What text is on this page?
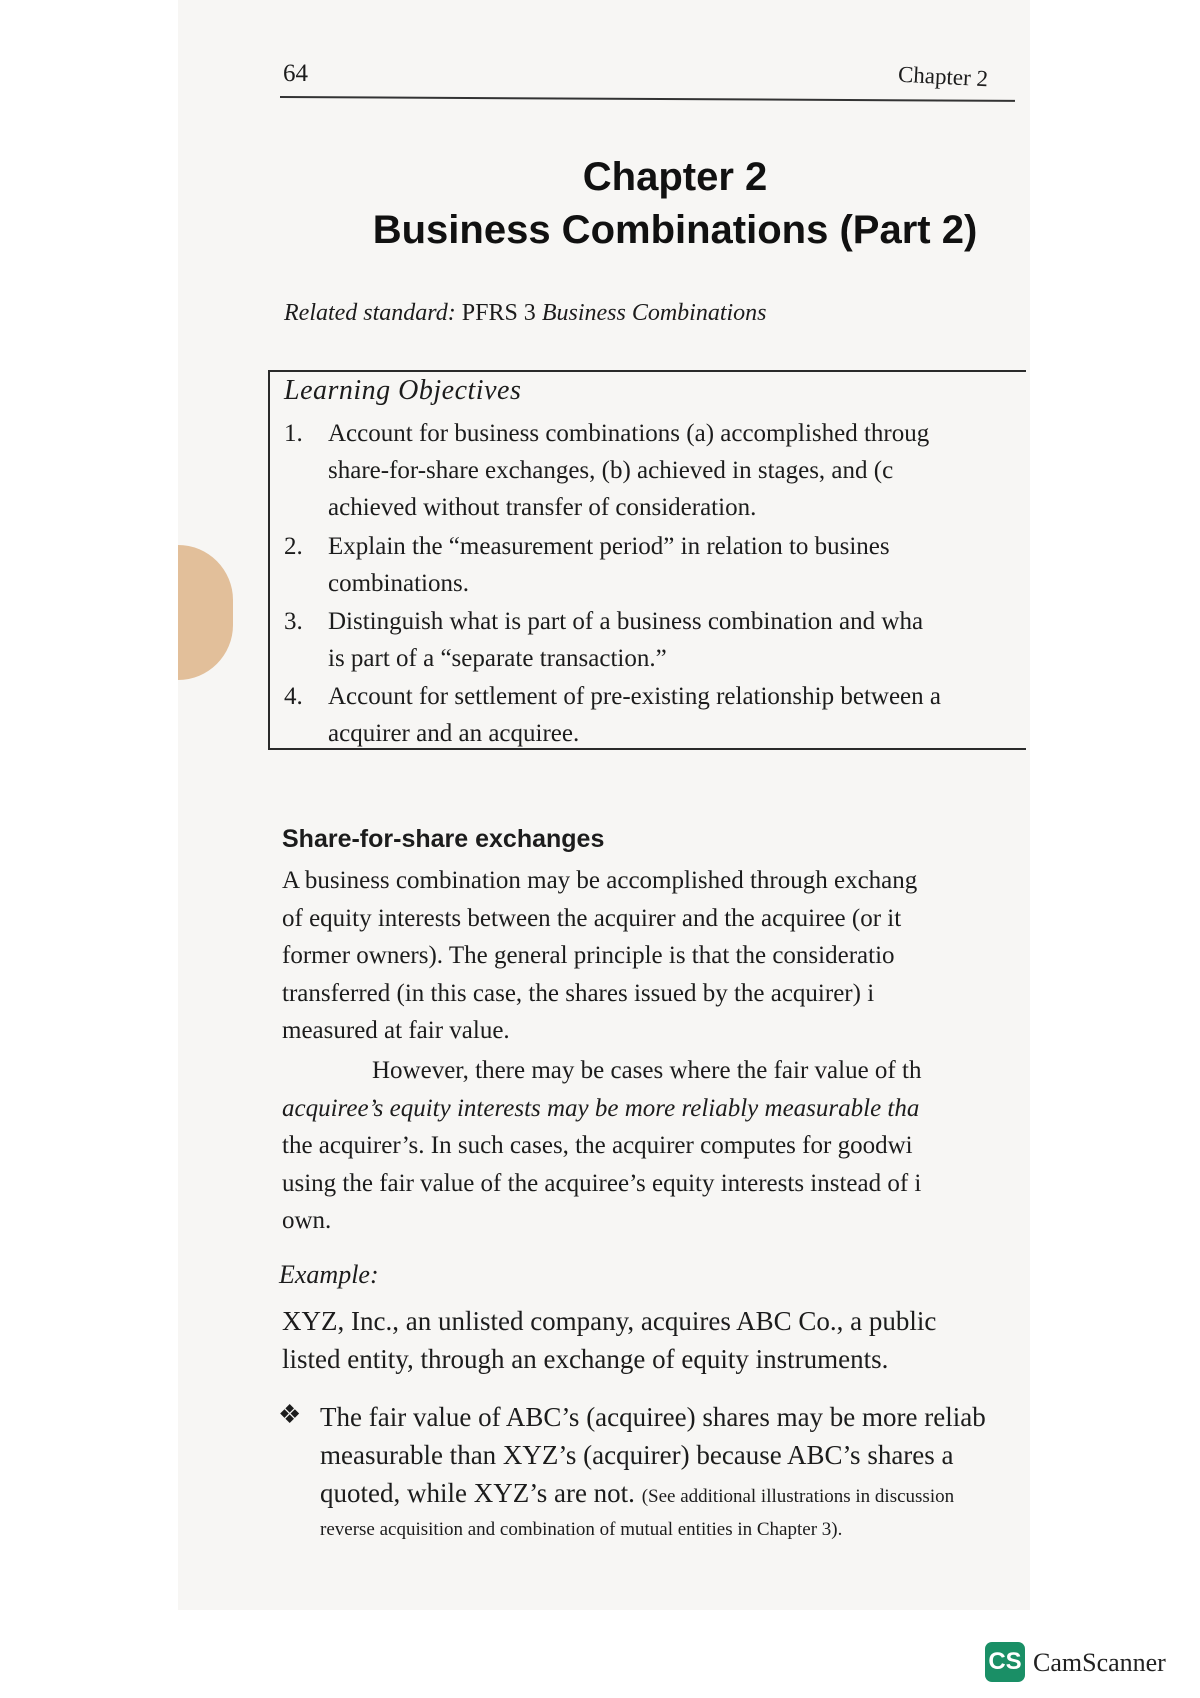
64	Chapter 2
Chapter 2
Business Combinations (Part 2)
Related standard: PFRS 3 Business Combinations
Learning Objectives
1.	Account for business combinations (a) accomplished throug
share-for-share exchanges, (b) achieved in stages, and (c
achieved without transfer of consideration.
2.	Explain the “measurement period” in relation to busines
combinations.
3.	Distinguish what is part of a business combination and wha
is part of a “separate transaction.”
4.	Account for settlement of pre-existing relationship between a
acquirer and an acquiree.
Share-for-share exchanges
A business combination may be accomplished through exchang
of equity interests between the acquirer and the acquiree (or it
former owners). The general principle is that the consideratio
transferred (in this case, the shares issued by the acquirer) i
measured at fair value.
However, there may be cases where the fair value of th
acquiree’s equity interests may be more reliably measurable tha
the acquirer’s. In such cases, the acquirer computes for goodwi
using the fair value of the acquiree’s equity interests instead of i
own.
Example:
XYZ, Inc., an unlisted company, acquires ABC Co., a public
listed entity, through an exchange of equity instruments.
❖ The fair value of ABC’s (acquiree) shares may be more reliab
measurable than XYZ’s (acquirer) because ABC’s shares a
quoted, while XYZ’s are not. (See additional illustrations in discussion
reverse acquisition and combination of mutual entities in Chapter 3).
CS CamScanner
